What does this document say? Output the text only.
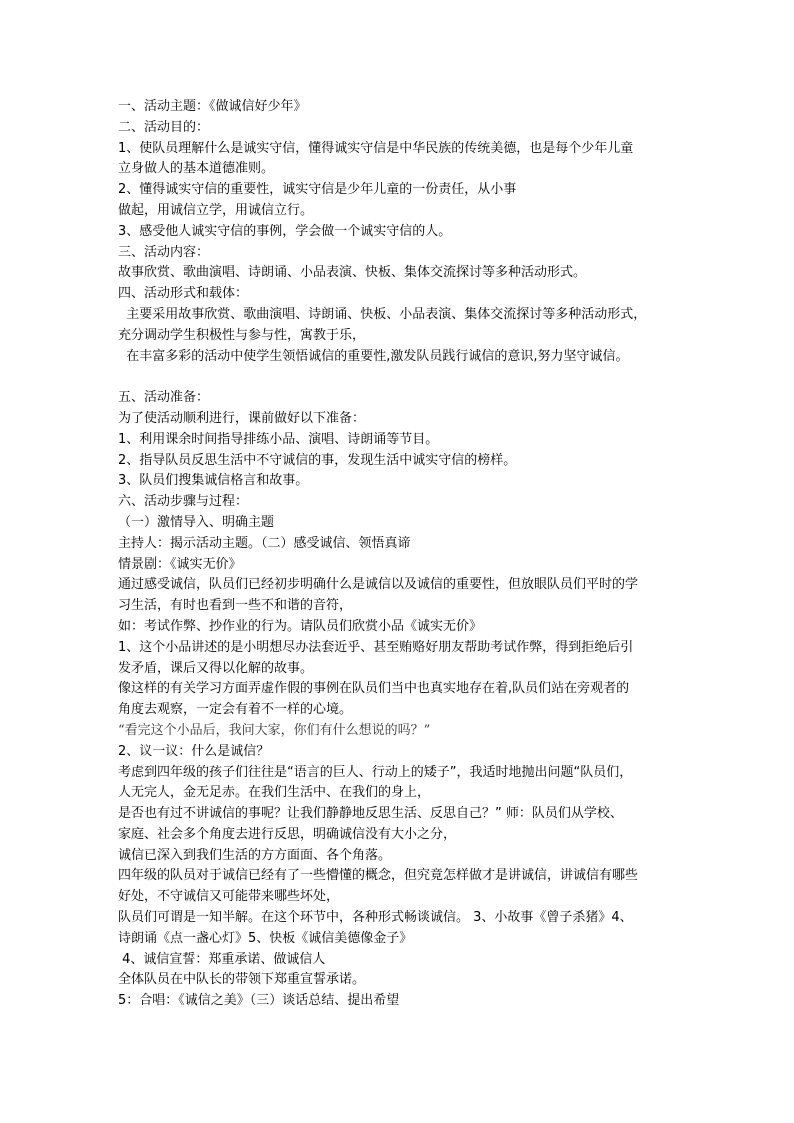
一、活动主题：《做诚信好少年》
二、活动目的：
1、使队员理解什么是诚实守信，懂得诚实守信是中华民族的传统美德，也是每个少年儿童
立身做人的基本道德准则。
2、懂得诚实守信的重要性，诚实守信是少年儿童的一份责任，从小事
做起，用诚信立学，用诚信立行。
3、感受他人诚实守信的事例，学会做一个诚实守信的人。
三、活动内容：
故事欣赏、歌曲演唱、诗朗诵、小品表演、快板、集体交流探讨等多种活动形式。
四、活动形式和载体：
主要采用故事欣赏、歌曲演唱、诗朗诵、快板、小品表演、集体交流探讨等多种活动形式，
充分调动学生积极性与参与性，寓教于乐，
在丰富多彩的活动中使学生领悟诚信的重要性,激发队员践行诚信的意识,努力坚守诚信。
五、活动准备：
为了使活动顺利进行，课前做好以下准备：
1、利用课余时间指导排练小品、演唱、诗朗诵等节目。
2、指导队员反思生活中不守诚信的事，发现生活中诚实守信的榜样。
3、队员们搜集诚信格言和故事。
六、活动步骤与过程：
（一）激情导入、明确主题
主持人：揭示活动主题。（二）感受诚信、领悟真谛
情景剧：《诚实无价》
通过感受诚信，队员们已经初步明确什么是诚信以及诚信的重要性，但放眼队员们平时的学
习生活，有时也看到一些不和谐的音符，
如：考试作弊、抄作业的行为。请队员们欣赏小品《诚实无价》
1、这个小品讲述的是小明想尽办法套近乎、甚至贿赂好朋友帮助考试作弊，得到拒绝后引
发矛盾，课后又得以化解的故事。
像这样的有关学习方面弄虚作假的事例在队员们当中也真实地存在着,队员们站在旁观者的
角度去观察，一定会有着不一样的心境。
“看完这个小品后，我问大家，你们有什么想说的吗？”
2、议一议：什么是诚信？
考虑到四年级的孩子们往往是“语言的巨人、行动上的矮子”，我适时地抛出问题“队员们，
人无完人，金无足赤。在我们生活中、在我们的身上，
是否也有过不讲诚信的事呢？让我们静静地反思生活、反思自己？” 师：队员们从学校、
家庭、社会多个角度去进行反思，明确诚信没有大小之分，
诚信已深入到我们生活的方方面面、各个角落。
四年级的队员对于诚信已经有了一些懵懂的概念，但究竟怎样做才是讲诚信，讲诚信有哪些
好处，不守诚信又可能带来哪些坏处，
队员们可谓是一知半解。在这个环节中，各种形式畅谈诚信。 3、小故事《曾子杀猪》4、
诗朗诵《点一盏心灯》5、快板《诚信美德像金子》
4、诚信宣誓：郑重承诺、做诚信人
全体队员在中队长的带领下郑重宣誓承诺。
5：合唱：《诚信之美》（三）谈话总结、提出希望
